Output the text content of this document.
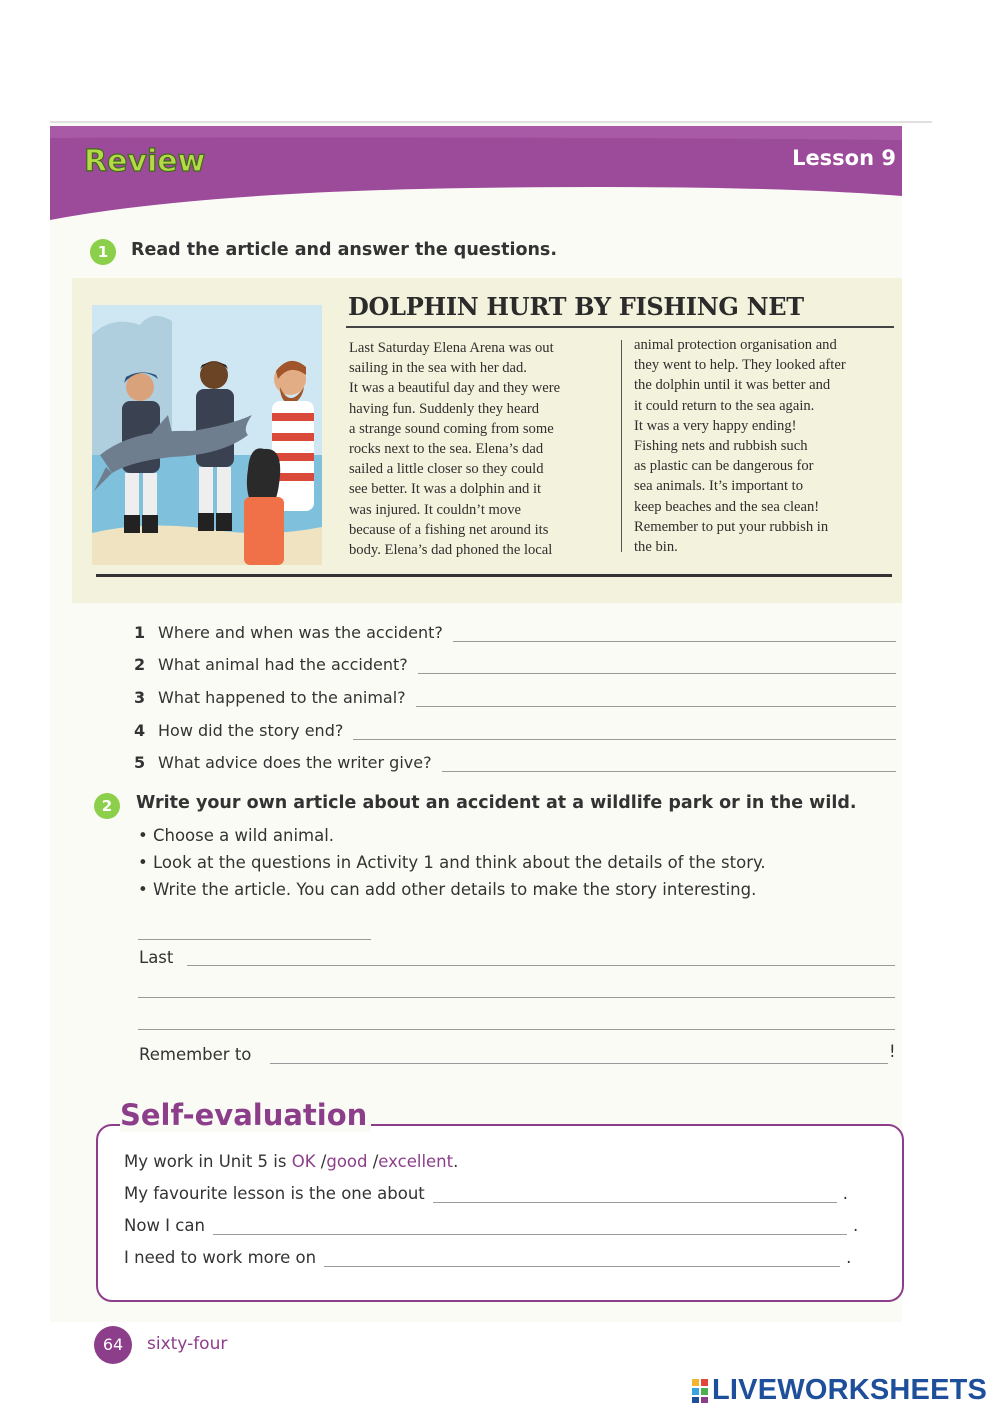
Review	Lesson 9
1	Read the article and answer the questions.
DOLPHIN HURT BY FISHING NET
Last Saturday Elena Arena was out
sailing in the sea with her dad.
It was a beautiful day and they were
having fun. Suddenly they heard
a strange sound coming from some
rocks next to the sea. Elena’s dad
sailed a little closer so they could
see better. It was a dolphin and it
was injured. It couldn’t move
because of a fishing net around its
body. Elena’s dad phoned the local
animal protection organisation and
they went to help. They looked after
the dolphin until it was better and
it could return to the sea again.
It was a very happy ending!
Fishing nets and rubbish such
as plastic can be dangerous for
sea animals. It’s important to
keep beaches and the sea clean!
Remember to put your rubbish in
the bin.
1 Where and when was the accident?
2 What animal had the accident?
3 What happened to the animal?
4 How did the story end?
5 What advice does the writer give?
2	Write your own article about an accident at a wildlife park or in the wild.
• Choose a wild animal.
• Look at the questions in Activity 1 and think about the details of the story.
• Write the article. You can add other details to make the story interesting.
Last
Remember to	!
Self-evaluation
My work in Unit 5 is
OK
/ good
/ excellent .
My favourite lesson is the one about	.
Now I can	.
I need to work more on	.
64	sixty-four
LIVEWORKSHEETS
